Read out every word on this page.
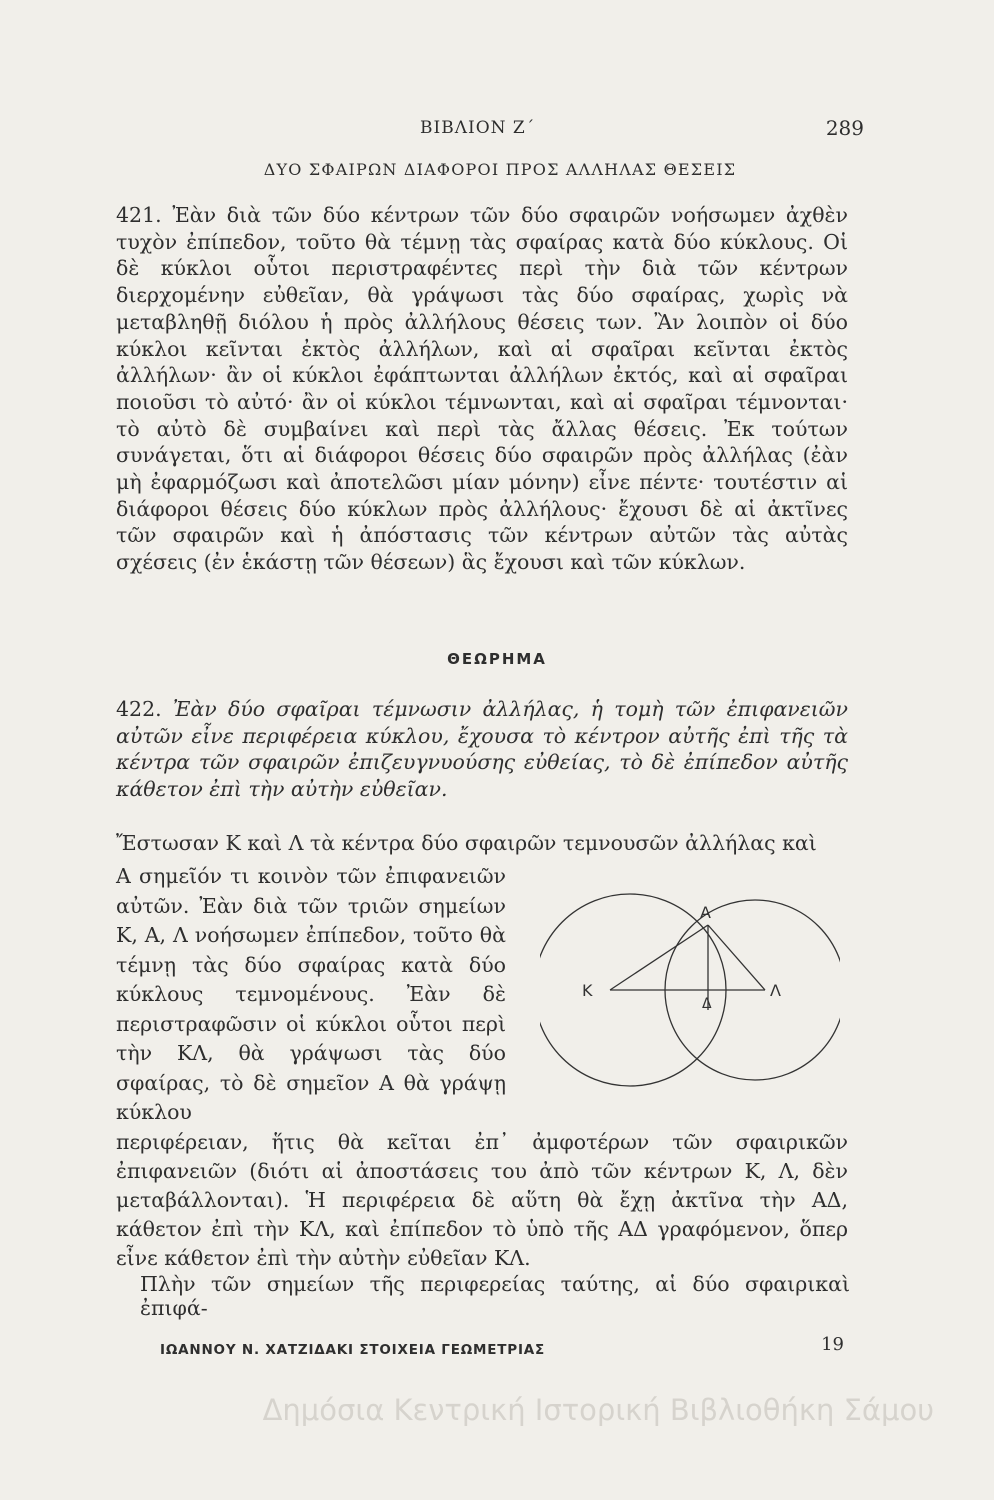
ΒΙΒΛΙΟΝ Ζ΄	289
ΔΥΟ ΣΦΑΙΡΩΝ ΔΙΑΦΟΡΟΙ ΠΡΟΣ ΑΛΛΗΛΑΣ ΘΕΣΕΙΣ
421. Ἐὰν διὰ τῶν δύο κέντρων τῶν δύο σφαιρῶν νοήσωμεν ἀχθὲν τυχὸν ἐπίπεδον, τοῦτο θὰ τέμνῃ τὰς σφαίρας κατὰ δύο κύκλους. Οἱ δὲ κύκλοι οὗτοι περιστραφέντες περὶ τὴν διὰ τῶν κέντρων διερχομένην εὐθεῖαν, θὰ γράψωσι τὰς δύο σφαίρας, χωρὶς νὰ μεταβληθῇ διόλου ἡ πρὸς ἀλλήλους θέσεις των. Ἂν λοιπὸν οἱ δύο κύκλοι κεῖνται ἐκτὸς ἀλλήλων, καὶ αἱ σφαῖραι κεῖνται ἐκτὸς ἀλλήλων· ἂν οἱ κύκλοι ἐφάπτωνται ἀλλήλων ἐκτός, καὶ αἱ σφαῖραι ποιοῦσι τὸ αὐτό· ἂν οἱ κύκλοι τέμνωνται, καὶ αἱ σφαῖραι τέμνονται· τὸ αὐτὸ δὲ συμβαίνει καὶ περὶ τὰς ἄλλας θέσεις. Ἐκ τούτων συνάγεται, ὅτι αἱ διάφοροι θέσεις δύο σφαιρῶν πρὸς ἀλλήλας (ἐὰν μὴ ἐφαρμόζωσι καὶ ἀποτελῶσι μίαν μόνην) εἶνε πέντε· τουτέστιν αἱ διάφοροι θέσεις δύο κύκλων πρὸς ἀλλήλους· ἔχουσι δὲ αἱ ἀκτῖνες τῶν σφαιρῶν καὶ ἡ ἀπόστασις τῶν κέντρων αὐτῶν τὰς αὐτὰς σχέσεις (ἐν ἑκάστῃ τῶν θέσεων) ἃς ἔχουσι καὶ τῶν κύκλων.
ΘΕΩΡΗΜΑ
422. Ἐὰν δύο σφαῖραι τέμνωσιν ἀλλήλας, ἡ τομὴ τῶν ἐπιφανειῶν αὐτῶν εἶνε περιφέρεια κύκλου, ἔχουσα τὸ κέντρον αὐτῆς ἐπὶ τῆς τὰ κέντρα τῶν σφαιρῶν ἐπιζευγνυούσης εὐθείας, τὸ δὲ ἐπίπεδον αὐτῆς κάθετον ἐπὶ τὴν αὐτὴν εὐθεῖαν.
Ἔστωσαν Κ καὶ Λ τὰ κέντρα δύο σφαιρῶν τεμνουσῶν ἀλλήλας καὶ
Α σημεῖόν τι κοινὸν τῶν ἐπιφανειῶν αὐτῶν. Ἐὰν διὰ τῶν τριῶν σημείων Κ, Α, Λ νοήσωμεν ἐπίπεδον, τοῦτο θὰ τέμνῃ τὰς δύο σφαίρας κατὰ δύο κύκλους τεμνομένους. Ἐὰν δὲ περιστραφῶσιν οἱ κύκλοι οὗτοι περὶ τὴν ΚΛ, θὰ γράψωσι τὰς δύο σφαίρας, τὸ δὲ σημεῖον Α θὰ γράψῃ κύκλου
Κ
Α
Λ
Δ
περιφέρειαν, ἥτις θὰ κεῖται ἐπ᾽ ἀμφοτέρων τῶν σφαιρικῶν ἐπιφανειῶν (διότι αἱ ἀποστάσεις του ἀπὸ τῶν κέντρων Κ, Λ, δὲν μεταβάλλονται). Ἡ περιφέρεια δὲ αὕτη θὰ ἔχῃ ἀκτῖνα τὴν ΑΔ, κάθετον ἐπὶ τὴν ΚΛ, καὶ ἐπίπεδον τὸ ὑπὸ τῆς ΑΔ γραφόμενον, ὅπερ εἶνε κάθετον ἐπὶ τὴν αὐτὴν εὐθεῖαν ΚΛ.
Πλὴν τῶν σημείων τῆς περιφερείας ταύτης, αἱ δύο σφαιρικαὶ ἐπιφά-
ΙΩΑΝΝΟΥ Ν. ΧΑΤΖΙΔΑΚΙ ΣΤΟΙΧΕΙΑ ΓΕΩΜΕΤΡΙΑΣ	19
Δημόσια Κεντρική Ιστορική Βιβλιοθήκη Σάμου
